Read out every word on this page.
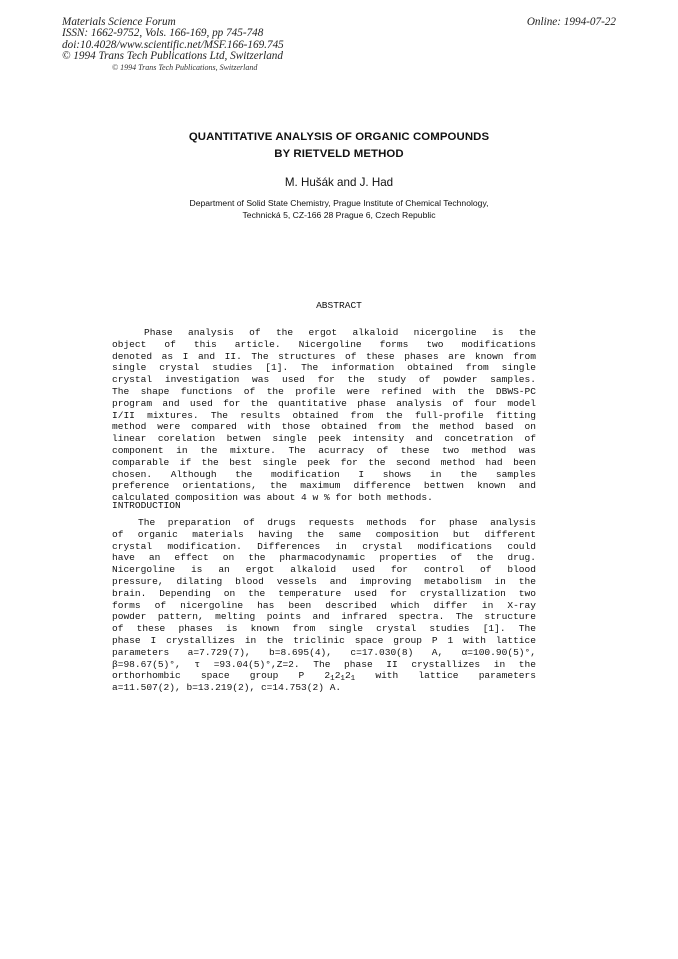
Materials Science Forum
ISSN: 1662-9752, Vols. 166-169, pp 745-748
doi:10.4028/www.scientific.net/MSF.166-169.745
© 1994 Trans Tech Publications Ltd, Switzerland
Online: 1994-07-22
© 1994 Trans Tech Publications, Switzerland
QUANTITATIVE ANALYSIS OF ORGANIC COMPOUNDS
BY RIETVELD METHOD
M. Hušák and J. Had
Department of Solid State Chemistry, Prague Institute of Chemical Technology,
Technická 5, CZ-166 28 Prague 6, Czech Republic
ABSTRACT
Phase analysis of the ergot alkaloid nicergoline is the
object of this article. Nicergoline forms two modifications
denoted as I and II. The structures of these phases are known from
single crystal studies [1]. The information obtained from single
crystal investigation was used for the study of powder samples.
The shape functions of the profile were refined with the DBWS-PC
program and used for the quantitative phase analysis of four model
I/II mixtures. The results obtained from the full-profile fitting
method were compared with those obtained from the method based on
linear corelation betwen single peek intensity and concetration of
component in the mixture. The acurracy of these two method was
comparable if the best single peek for the second method had been
chosen. Although the modification I shows in the samples
preference orientations, the maximum difference bettwen known and
calculated composition was about 4 w % for both methods.
INTRODUCTION
The preparation of drugs requests methods for phase analysis
of organic materials having the same composition but different
crystal modification. Differences in crystal modifications could
have an effect on the pharmacodynamic properties of the drug.
Nicergoline is an ergot alkaloid used for control of blood
pressure, dilating blood vessels and improving metabolism in the
brain. Depending on the temperature used for crystallization two
forms of nicergoline has been described which differ in X-ray
powder pattern, melting points and infrared spectra. The structure
of these phases is known from single crystal studies [1]. The
phase I crystallizes in the triclinic space group P 1 with lattice
parameters a=7.729(7), b=8.695(4), c=17.030(8) A, α=100.90(5)°,
β=98.67(5)°, τ =93.04(5)°,Z=2. The phase II crystallizes in the
orthorhombic space group P $2_12_12_1$ with lattice parameters
a=11.507(2), b=13.219(2), c=14.753(2) A.
